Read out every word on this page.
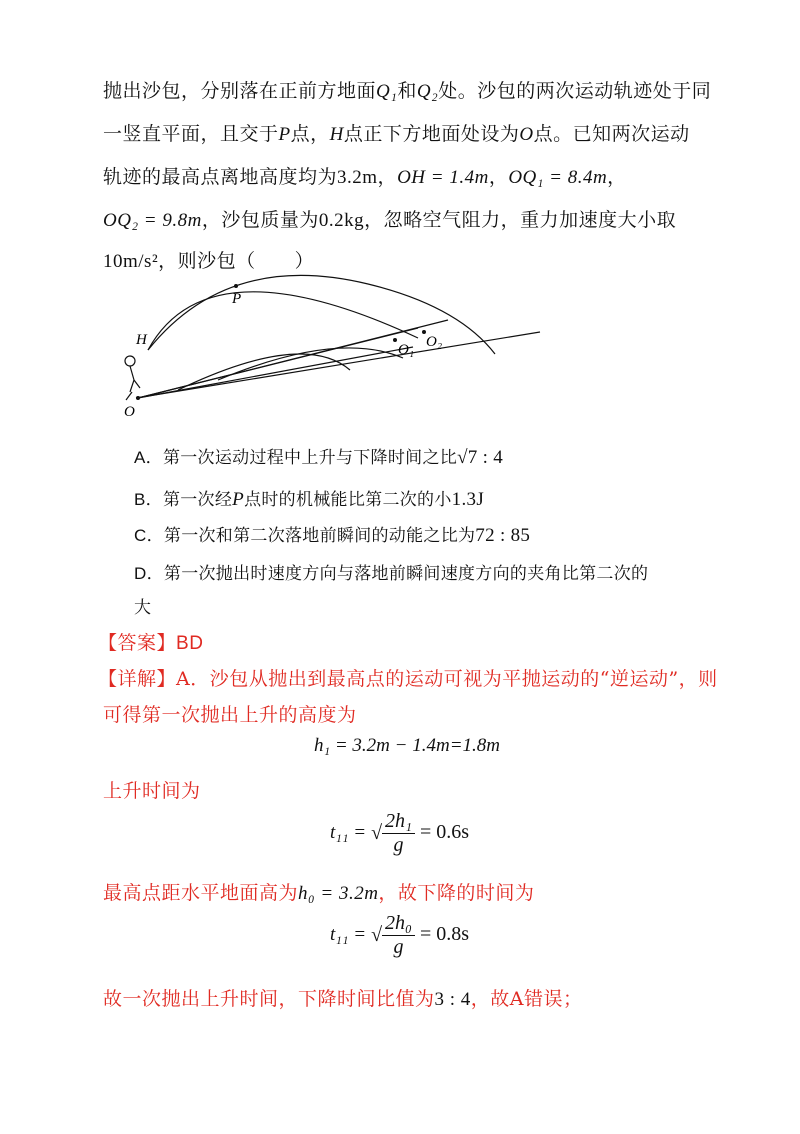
抛出沙包，分别落在正前方地面Q₁和Q₂处。沙包的两次运动轨迹处于同
一竖直平面，且交于P点，H点正下方地面处设为O点。已知两次运动
轨迹的最高点离地高度均为3.2m，OH = 1.4m，OQ₁ = 8.4m，
OQ₂ = 9.8m，沙包质量为0.2kg，忽略空气阻力，重力加速度大小取
10m/s²，则沙包（　　）
P
H
O
O₁ O₂
A．第一次运动过程中上升与下降时间之比√7 : 4
B．第一次经P点时的机械能比第二次的小1.3J
C．第一次和第二次落地前瞬间的动能之比为72 : 85
D．第一次抛出时速度方向与落地前瞬间速度方向的夹角比第二次的
大
【答案】BD
【详解】A．沙包从抛出到最高点的运动可视为平抛运动的“逆运动”，则
可得第一次抛出上升的高度为
h₁ = 3.2m − 1.4m=1.8m
上升时间为
t₁₁ = √ $\frac{\text{2h₁}}{g} = 0.6s$
最高点距水平地面高为h₀ = 3.2m，故下降的时间为
t₁₁ = √ $\frac{\text{2h₀}}{g} = 0.8s$
故一次抛出上升时间，下降时间比值为3 : 4，故A错误；
